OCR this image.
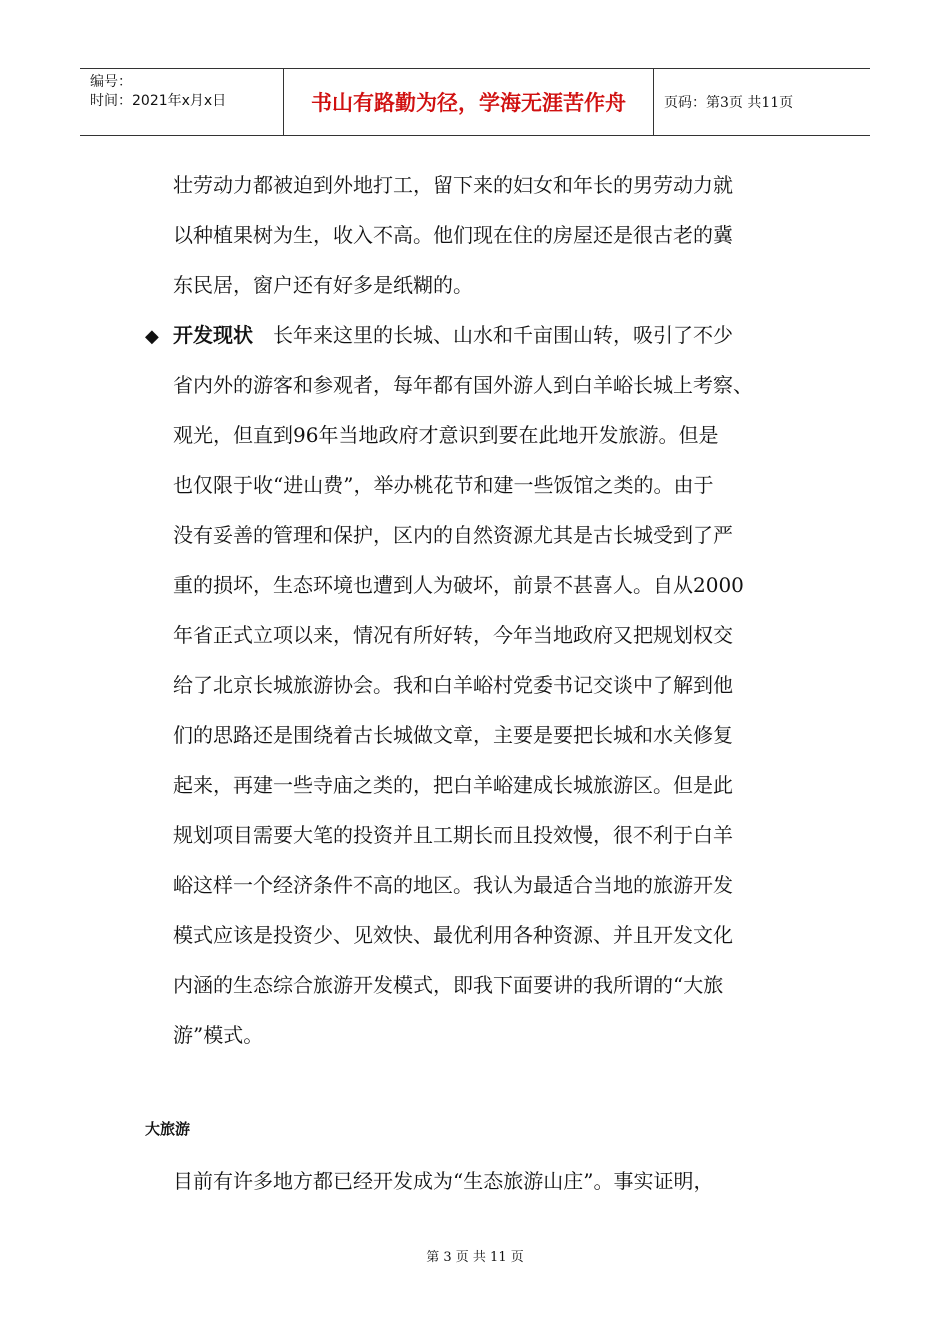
编号：
时间：2021年x月x日	书山有路勤为径，学海无涯苦作舟	页码：第3页 共11页
壮劳动力都被迫到外地打工，留下来的妇女和年长的男劳动力就
以种植果树为生，收入不高。他们现在住的房屋还是很古老的冀
东民居，窗户还有好多是纸糊的。
◆ 开发现状　 长年来这里的长城、山水和千亩围山转，吸引了不少
省内外的游客和参观者，每年都有国外游人到白羊峪长城上考察、
观光，但直到96年当地政府才意识到要在此地开发旅游。但是
也仅限于收“进山费”，举办桃花节和建一些饭馆之类的。由于
没有妥善的管理和保护，区内的自然资源尤其是古长城受到了严
重的损坏，生态环境也遭到人为破坏，前景不甚喜人。自从2000
年省正式立项以来，情况有所好转，今年当地政府又把规划权交
给了北京长城旅游协会。我和白羊峪村党委书记交谈中了解到他
们的思路还是围绕着古长城做文章，主要是要把长城和水关修复
起来，再建一些寺庙之类的，把白羊峪建成长城旅游区。但是此
规划项目需要大笔的投资并且工期长而且投效慢，很不利于白羊
峪这样一个经济条件不高的地区。我认为最适合当地的旅游开发
模式应该是投资少、见效快、最优利用各种资源、并且开发文化
内涵的生态综合旅游开发模式，即我下面要讲的我所谓的“大旅
游”模式。
大旅游
目前有许多地方都已经开发成为“生态旅游山庄”。事实证明，
第 3 页 共 11 页
